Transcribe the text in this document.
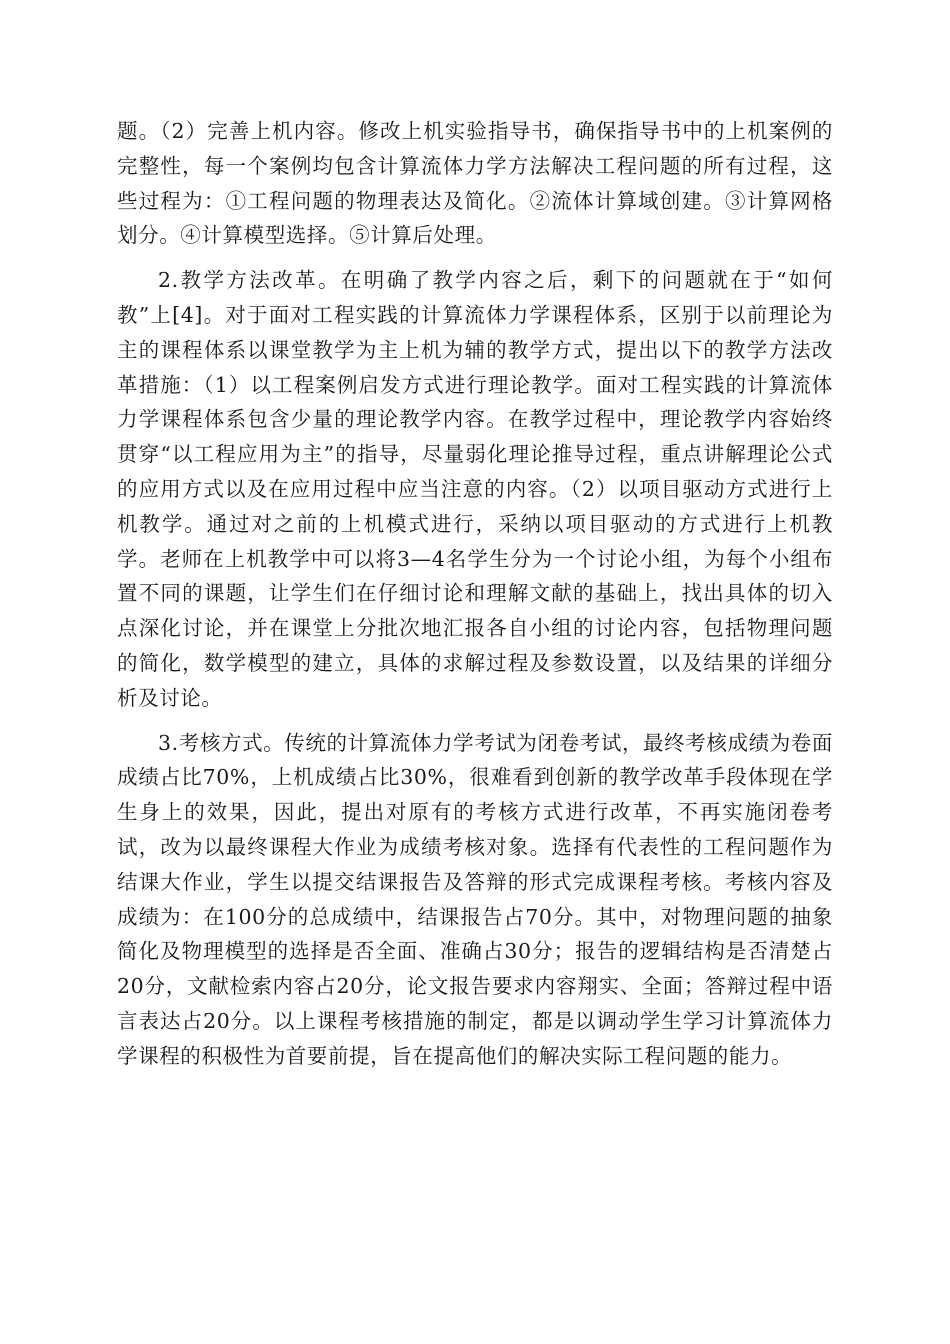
题。（2）完善上机内容。修改上机实验指导书，确保指导书中的上机案例的完整性，每一个案例均包含计算流体力学方法解决工程问题的所有过程，这些过程为：①工程问题的物理表达及简化。②流体计算域创建。③计算网格划分。④计算模型选择。⑤计算后处理。

2.教学方法改革。在明确了教学内容之后，剩下的问题就在于“如何教”上[4]。对于面对工程实践的计算流体力学课程体系，区别于以前理论为主的课程体系以课堂教学为主上机为辅的教学方式，提出以下的教学方法改革措施：（1）以工程案例启发方式进行理论教学。面对工程实践的计算流体力学课程体系包含少量的理论教学内容。在教学过程中，理论教学内容始终贯穿“以工程应用为主”的指导，尽量弱化理论推导过程，重点讲解理论公式的应用方式以及在应用过程中应当注意的内容。（2）以项目驱动方式进行上机教学。通过对之前的上机模式进行，采纳以项目驱动的方式进行上机教学。老师在上机教学中可以将3—4名学生分为一个讨论小组，为每个小组布置不同的课题，让学生们在仔细讨论和理解文献的基础上，找出具体的切入点深化讨论，并在课堂上分批次地汇报各自小组的讨论内容，包括物理问题的简化，数学模型的建立，具体的求解过程及参数设置，以及结果的详细分析及讨论。

3.考核方式。传统的计算流体力学考试为闭卷考试，最终考核成绩为卷面成绩占比70%，上机成绩占比30%，很难看到创新的教学改革手段体现在学生身上的效果，因此，提出对原有的考核方式进行改革，不再实施闭卷考试，改为以最终课程大作业为成绩考核对象。选择有代表性的工程问题作为结课大作业，学生以提交结课报告及答辩的形式完成课程考核。考核内容及成绩为：在100分的总成绩中，结课报告占70分。其中，对物理问题的抽象简化及物理模型的选择是否全面、准确占30分；报告的逻辑结构是否清楚占20分，文献检索内容占20分，论文报告要求内容翔实、全面；答辩过程中语言表达占20分。以上课程考核措施的制定，都是以调动学生学习计算流体力学课程的积极性为首要前提，旨在提高他们的解决实际工程问题的能力。
